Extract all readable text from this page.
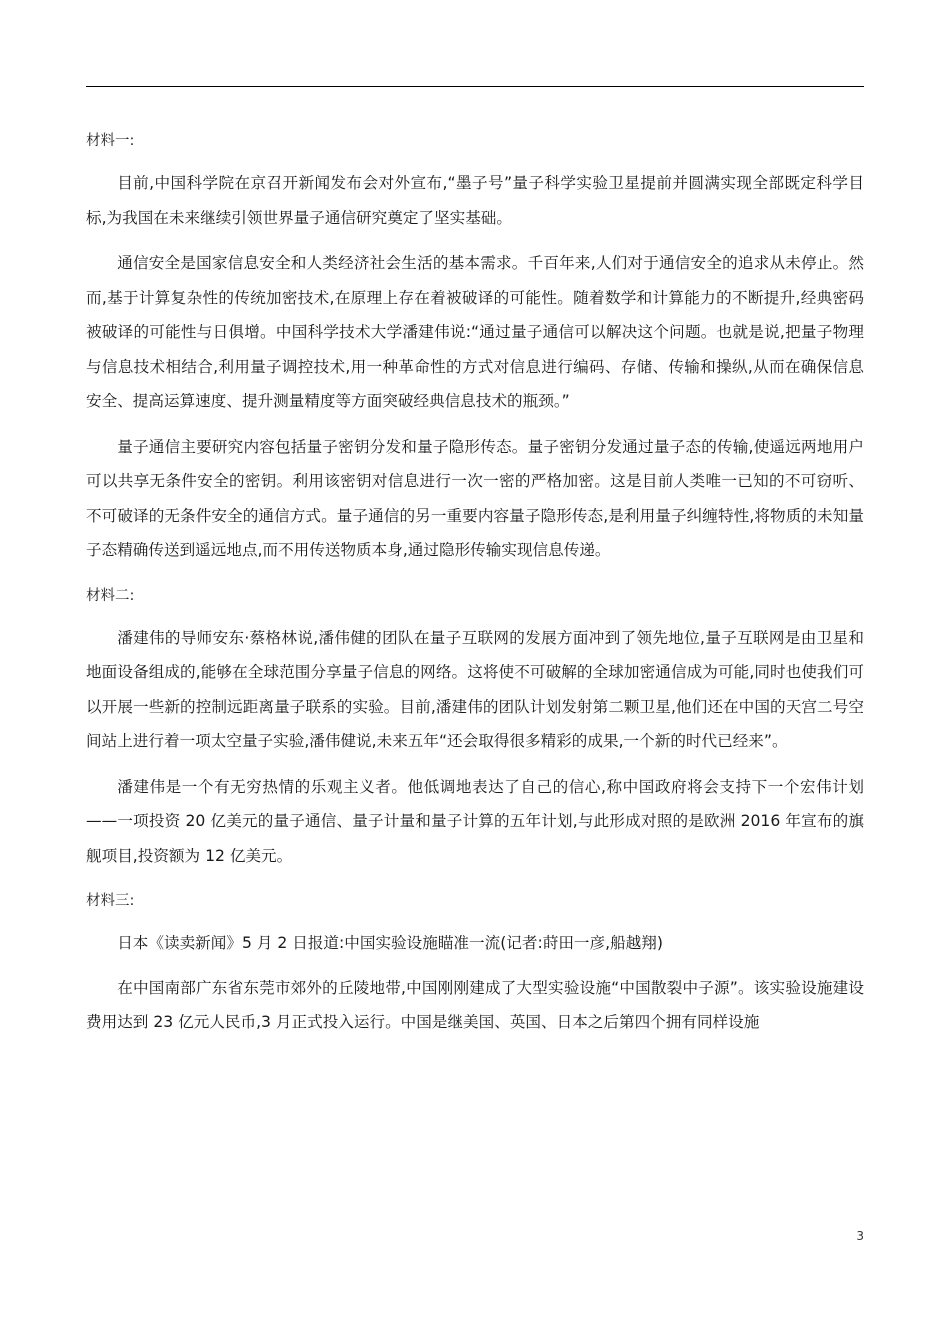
材料一:

目前,中国科学院在京召开新闻发布会对外宣布,“墨子号”量子科学实验卫星提前并圆满实现全部既定科学目标,为我国在未来继续引领世界量子通信研究奠定了坚实基础。

通信安全是国家信息安全和人类经济社会生活的基本需求。千百年来,人们对于通信安全的追求从未停止。然而,基于计算复杂性的传统加密技术,在原理上存在着被破译的可能性。随着数学和计算能力的不断提升,经典密码被破译的可能性与日俱增。中国科学技术大学潘建伟说:“通过量子通信可以解决这个问题。也就是说,把量子物理与信息技术相结合,利用量子调控技术,用一种革命性的方式对信息进行编码、存储、传输和操纵,从而在确保信息安全、提高运算速度、提升测量精度等方面突破经典信息技术的瓶颈。”

量子通信主要研究内容包括量子密钥分发和量子隐形传态。量子密钥分发通过量子态的传输,使遥远两地用户可以共享无条件安全的密钥。利用该密钥对信息进行一次一密的严格加密。这是目前人类唯一已知的不可窃听、不可破译的无条件安全的通信方式。量子通信的另一重要内容量子隐形传态,是利用量子纠缠特性,将物质的未知量子态精确传送到遥远地点,而不用传送物质本身,通过隐形传输实现信息传递。

材料二:

潘建伟的导师安东·蔡格林说,潘伟健的团队在量子互联网的发展方面冲到了领先地位,量子互联网是由卫星和地面设备组成的,能够在全球范围分享量子信息的网络。这将使不可破解的全球加密通信成为可能,同时也使我们可以开展一些新的控制远距离量子联系的实验。目前,潘建伟的团队计划发射第二颗卫星,他们还在中国的天宫二号空间站上进行着一项太空量子实验,潘伟健说,未来五年“还会取得很多精彩的成果,一个新的时代已经来”。

潘建伟是一个有无穷热情的乐观主义者。他低调地表达了自己的信心,称中国政府将会支持下一个宏伟计划——一项投资 20 亿美元的量子通信、量子计量和量子计算的五年计划,与此形成对照的是欧洲 2016 年宣布的旗舰项目,投资额为 12 亿美元。

材料三:
日本《读卖新闻》5 月 2 日报道:中国实验设施瞄准一流(记者:莳田一彦,船越翔)

在中国南部广东省东莞市郊外的丘陵地带,中国刚刚建成了大型实验设施“中国散裂中子源”。该实验设施建设费用达到 23 亿元人民币,3 月正式投入运行。中国是继美国、英国、日本之后第四个拥有同样设施

3
